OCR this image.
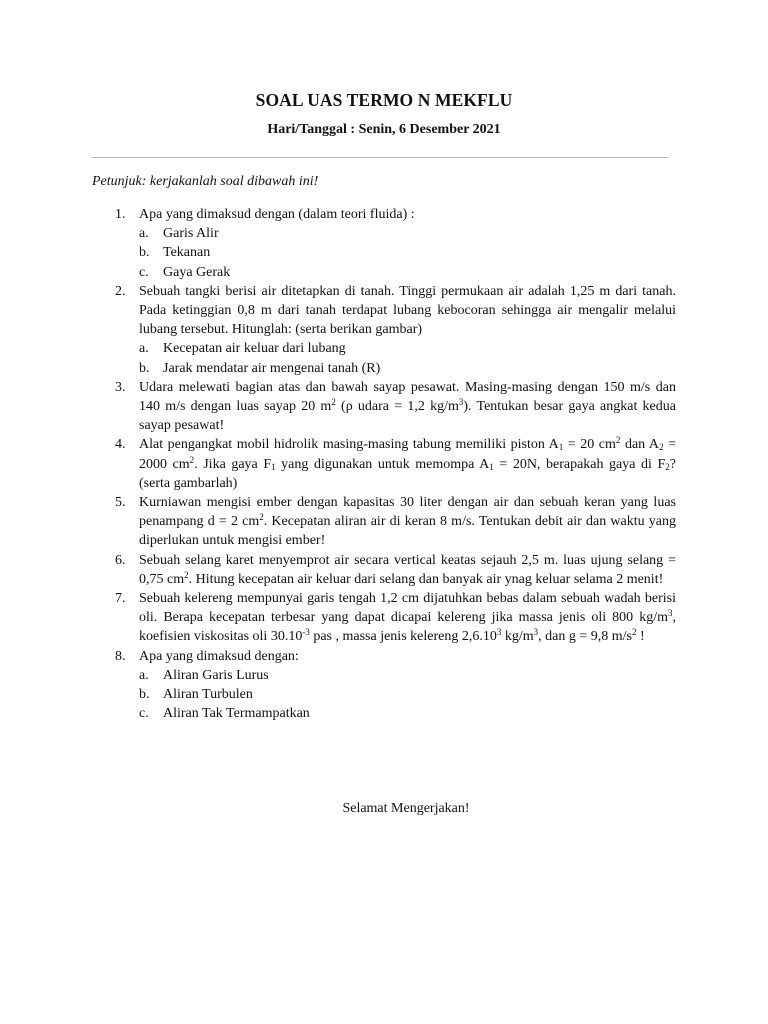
SOAL UAS TERMO N MEKFLU
Hari/Tanggal : Senin, 6 Desember 2021
Petunjuk: kerjakanlah soal dibawah ini!
1. Apa yang dimaksud dengan (dalam teori fluida) :
a. Garis Alir
b. Tekanan
c. Gaya Gerak
2. Sebuah tangki berisi air ditetapkan di tanah. Tinggi permukaan air adalah 1,25 m dari tanah. Pada ketinggian 0,8 m dari tanah terdapat lubang kebocoran sehingga air mengalir melalui lubang tersebut. Hitunglah: (serta berikan gambar)
a. Kecepatan air keluar dari lubang
b. Jarak mendatar air mengenai tanah (R)
3. Udara melewati bagian atas dan bawah sayap pesawat. Masing-masing dengan 150 m/s dan 140 m/s dengan luas sayap 20 $m^2$ (ρ udara = 1,2 $kg/m^3$). Tentukan besar gaya angkat kedua sayap pesawat!
4. Alat pengangkat mobil hidrolik masing-masing tabung memiliki piston $A_1 = 20$ $cm^2$ dan $A_2 = 2000$ $cm^2$. Jika gaya $F_1$ yang digunakan untuk memompa $A_1 = 20N$, berapakah gaya di $F_2$? (serta gambarlah)
5. Kurniawan mengisi ember dengan kapasitas 30 liter dengan air dan sebuah keran yang luas penampang d = 2 $cm^2$. Kecepatan aliran air di keran 8 m/s. Tentukan debit air dan waktu yang diperlukan untuk mengisi ember!
6. Sebuah selang karet menyemprot air secara vertical keatas sejauh 2,5 m. luas ujung selang = 0,75 $cm^2$. Hitung kecepatan air keluar dari selang dan banyak air ynag keluar selama 2 menit!
7. Sebuah kelereng mempunyai garis tengah 1,2 cm dijatuhkan bebas dalam sebuah wadah berisi oli. Berapa kecepatan terbesar yang dapat dicapai kelereng jika massa jenis oli 800 $kg/m^3$, koefisien viskositas oli $30.10^{-3}$ pas , massa jenis kelereng 2,6.10$^3$ $kg/m^3$, dan g = 9,8 $m/s^2$ !
8. Apa yang dimaksud dengan:
a. Aliran Garis Lurus
b. Aliran Turbulen
c. Aliran Tak Termampatkan
Selamat Mengerjakan!
